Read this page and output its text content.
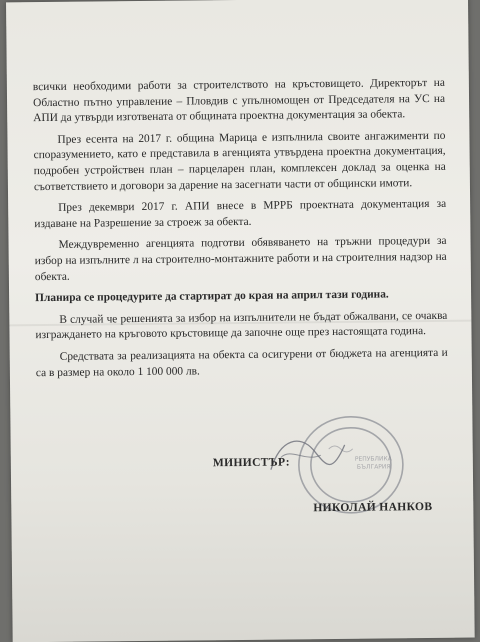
всички необходими работи за строителството на кръстовището. Директорът на Областно пътно управление – Пловдив с упълномощен от Председателя на УС на АПИ да утвърди изготвената от общината проектна документация за обекта.

През есента на 2017 г. община Марица е изпълнила своите ангажименти по споразумението, като е представила в агенцията утвърдена проектна документация, подробен устройствен план – парцеларен план, комплексен доклад за оценка на съответствието и договори за дарение на засегнати части от общински имоти.

През декември 2017 г. АПИ внесе в МРРБ проектната документация за издаване на Разрешение за строеж за обекта.

Междувременно агенцията подготви обявяването на тръжни процедури за избор на изпълните л на строително-монтажните работи и на строителния надзор на обекта.

Планира се процедурите да стартират до края на април тази година.

В случай че решенията за избор на изпълнители не бъдат обжалвани, се очаква изграждането на кръговото кръстовище да започне още през настоящата година.

Средствата за реализацията на обекта са осигурени от бюджета на агенцията и са в размер на около 1 100 000 лв.

РЕПУБЛИКА
БЪЛГАРИЯ
МИНИСТЪР:
НИКОЛАЙ НАНКОВ
